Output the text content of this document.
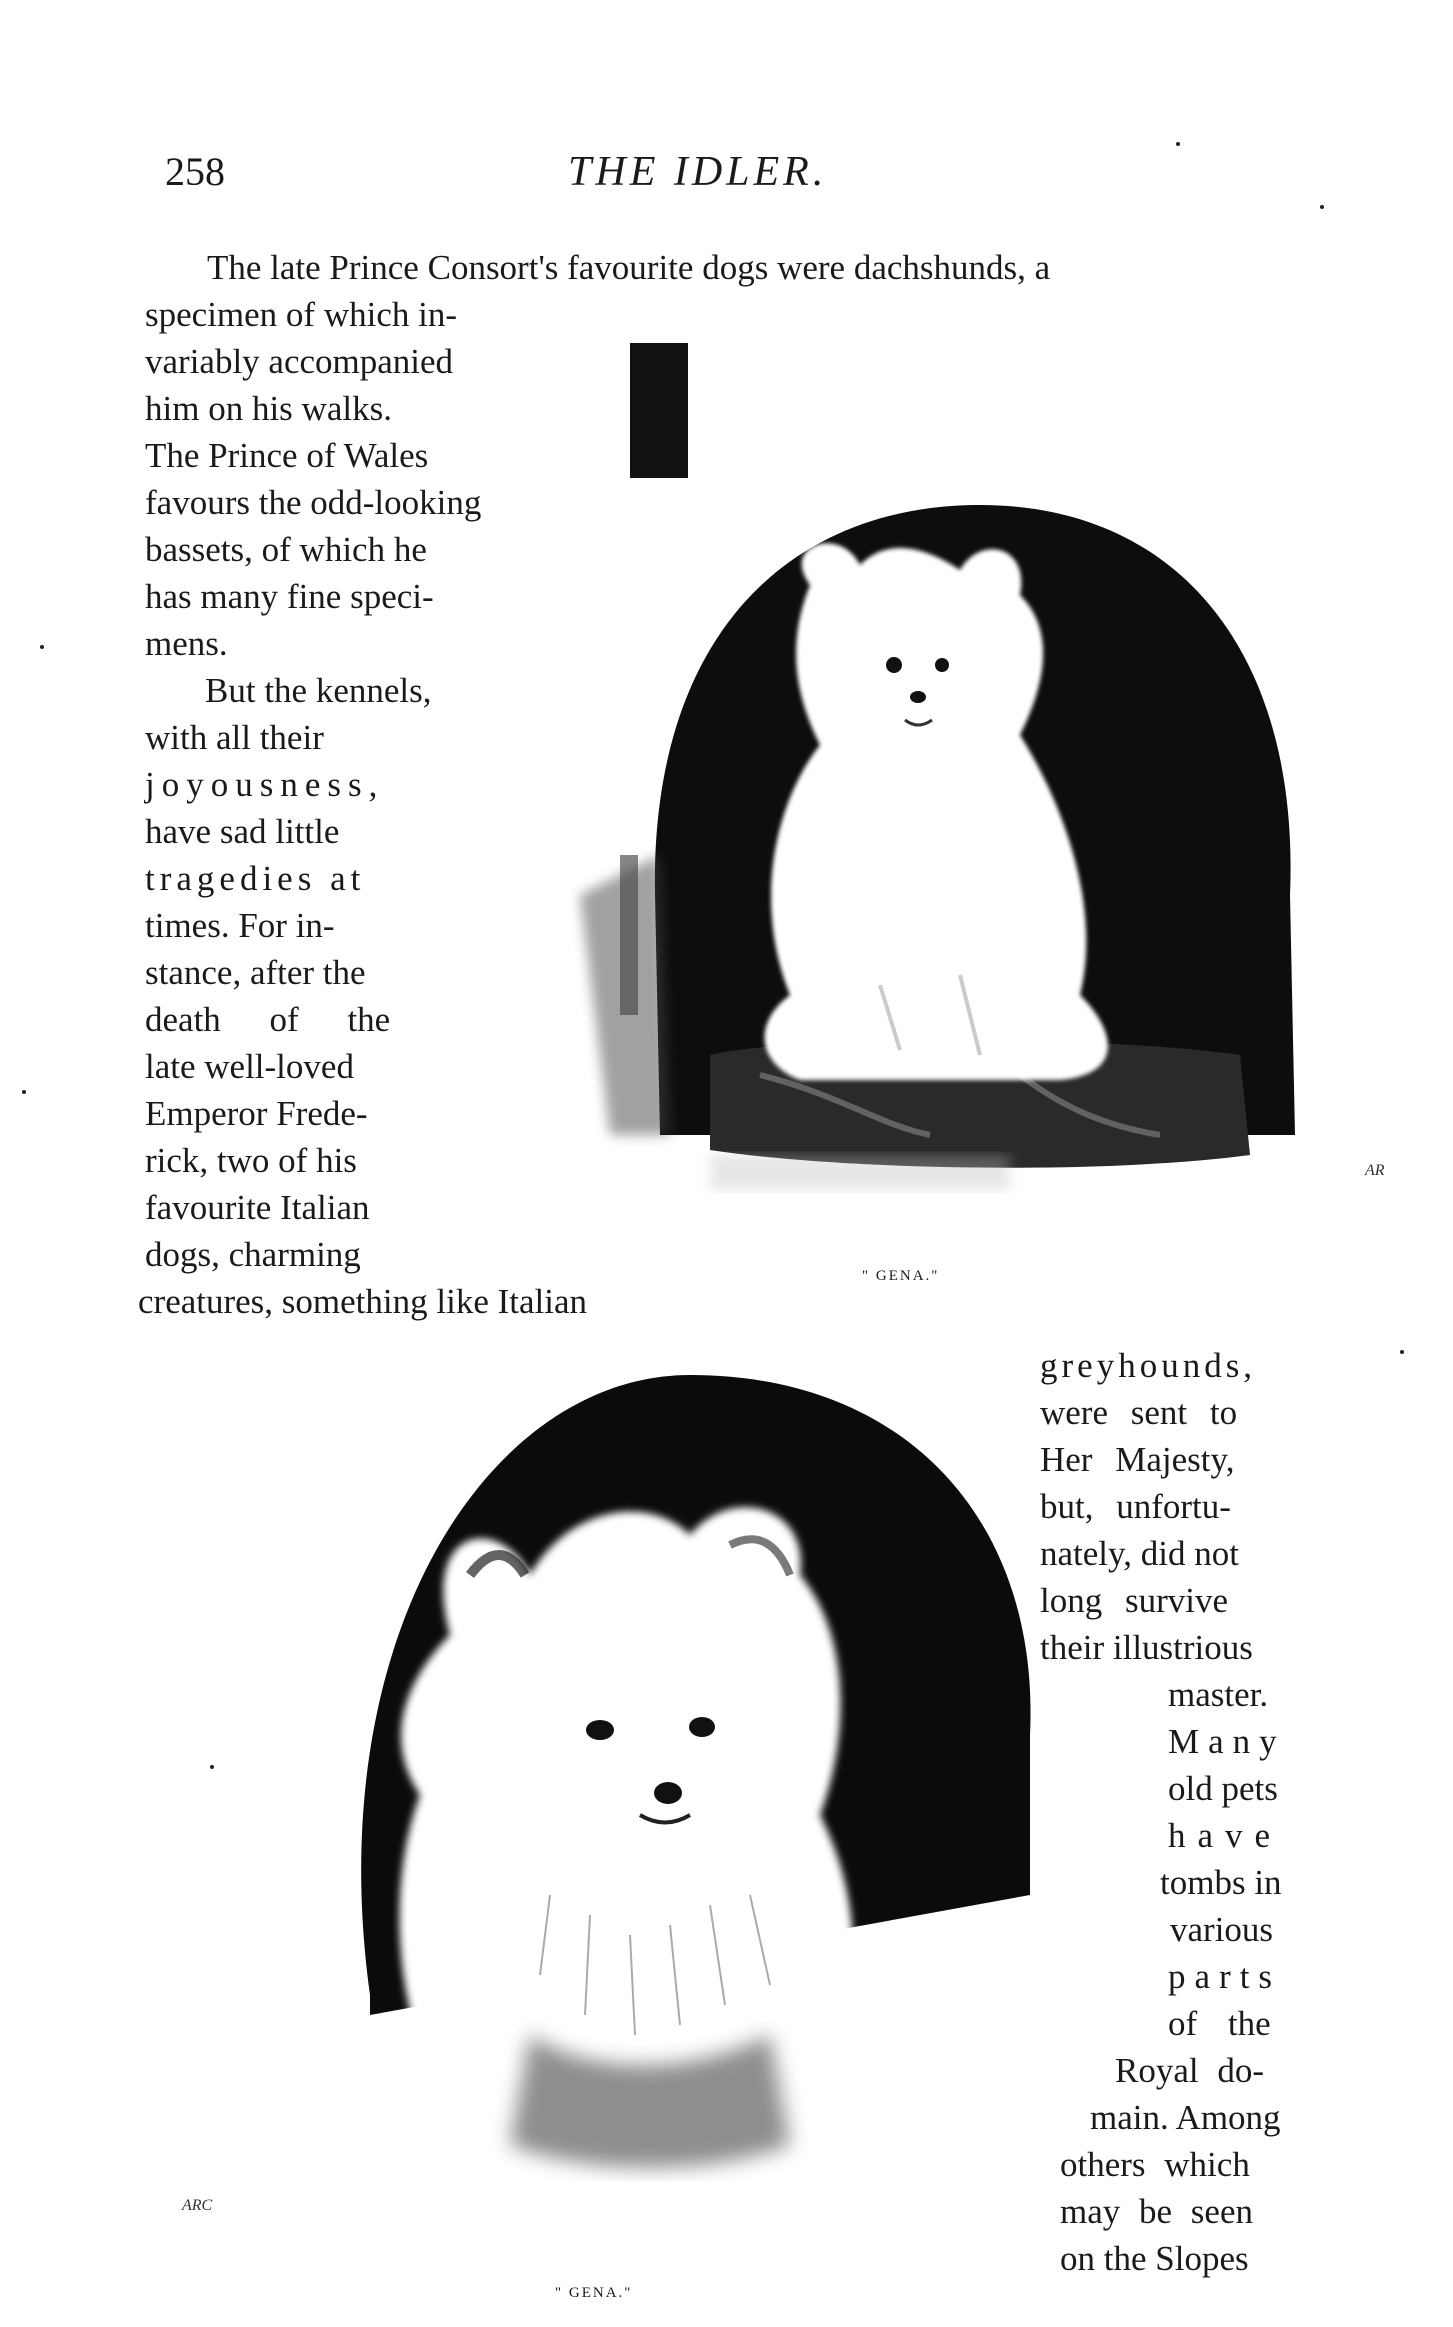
258	THE IDLER.
AR
" GENA."
ARC
" GENA."
The late Prince Consort's favourite dogs were dachshunds, a
specimen of which in-
variably accompanied
him on his walks.
The Prince of Wales
favours the odd-looking
bassets, of which he
has many fine speci-
mens.
But the kennels,
with all their
joyousness,
have sad little
tragedies at
times. For in-
stance, after the
death of the
late well-loved
Emperor Frede-
rick, two of his
favourite Italian
dogs, charming
creatures, something like Italian
greyhounds,
were sent to
Her Majesty,
but, unfortu-
nately, did not
long survive
their illustrious
master.
Many
old pets
have
tombs in
various
parts
of the
Royal do-
main. Among
others which
may be seen
on the Slopes
